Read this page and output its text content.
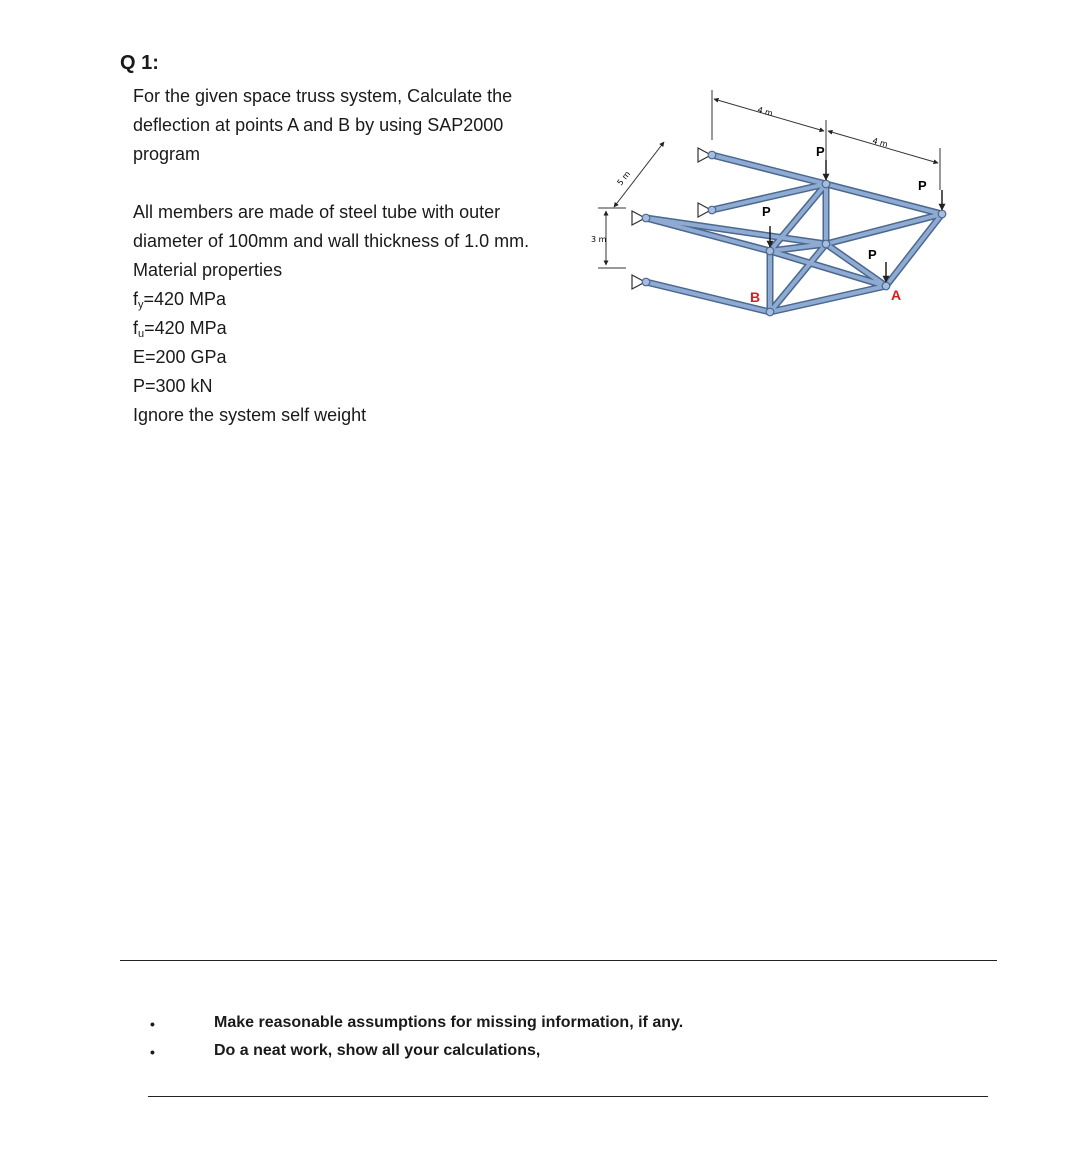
Q 1:
For the given space truss system, Calculate the
deflection at points A and B by using SAP2000
program
All members are made of steel tube with outer
diameter of 100mm and wall thickness of 1.0 mm.
Material properties
$f_y=420$ MPa
$f_u=420$ MPa
E=200 GPa
P=300 kN
Ignore the system self weight
4 m
4 m
5 m
3 m
P
P
P
P
B	A
•	Make reasonable assumptions for missing information, if any.
•	Do a neat work, show all your calculations,
